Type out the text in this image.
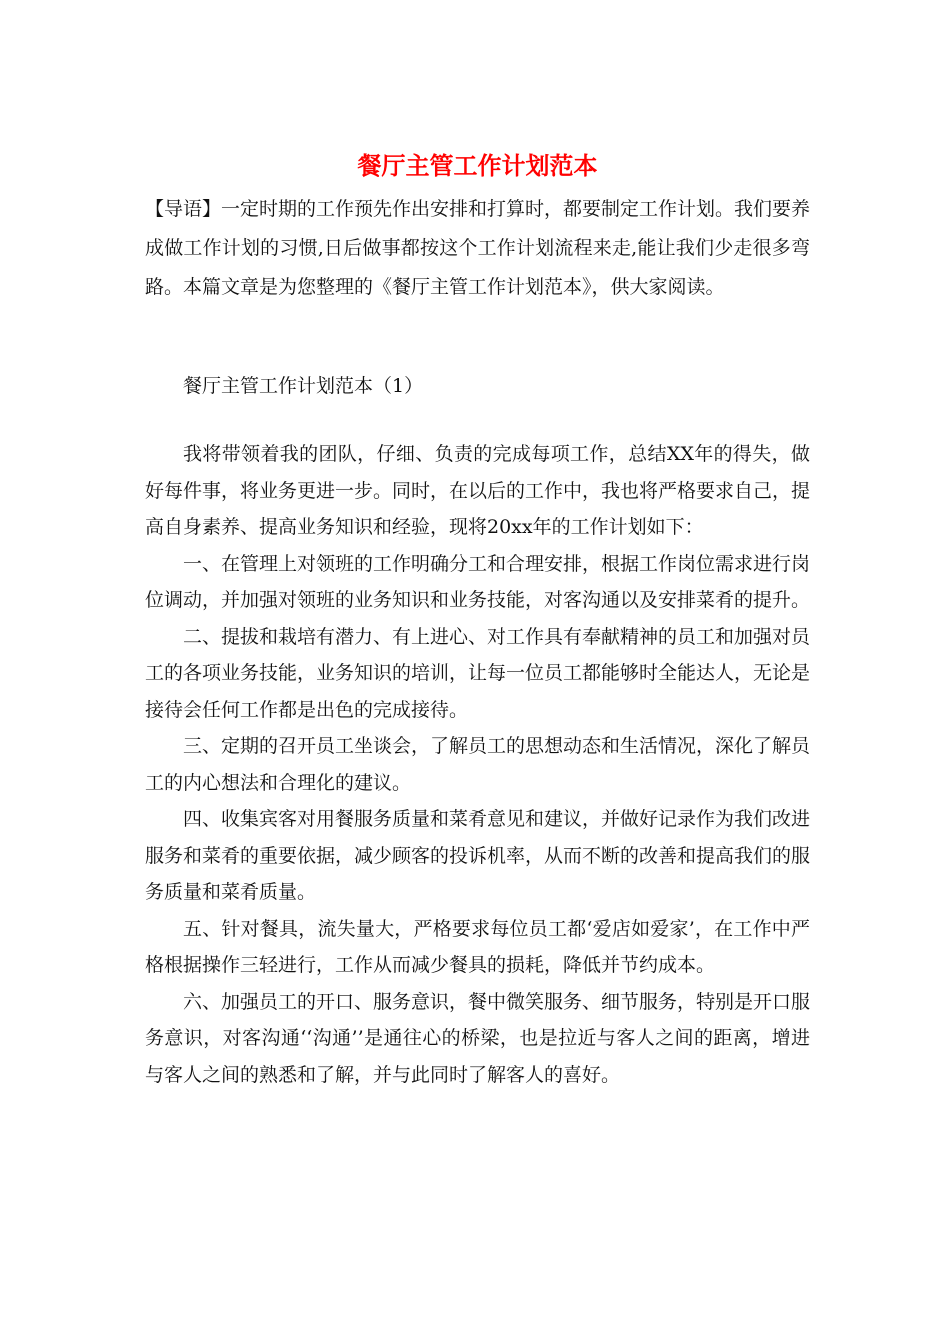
餐厅主管工作计划范本

【导语】一定时期的工作预先作出安排和打算时，都要制定工作计划。我们要养成做工作计划的习惯,日后做事都按这个工作计划流程来走,能让我们少走很多弯路。本篇文章是为您整理的《餐厅主管工作计划范本》，供大家阅读。

餐厅主管工作计划范本（1）

我将带领着我的团队，仔细、负责的完成每项工作，总结XX年的得失，做好每件事，将业务更进一步。同时，在以后的工作中，我也将严格要求自己，提高自身素养、提高业务知识和经验，现将20xx年的工作计划如下：

一、在管理上对领班的工作明确分工和合理安排，根据工作岗位需求进行岗位调动，并加强对领班的业务知识和业务技能，对客沟通以及安排菜肴的提升。

二、提拔和栽培有潜力、有上进心、对工作具有奉献精神的员工和加强对员工的各项业务技能，业务知识的培训，让每一位员工都能够时全能达人，无论是接待会任何工作都是出色的完成接待。

三、定期的召开员工坐谈会，了解员工的思想动态和生活情况，深化了解员工的内心想法和合理化的建议。

四、收集宾客对用餐服务质量和菜肴意见和建议，并做好记录作为我们改进服务和菜肴的重要依据，减少顾客的投诉机率，从而不断的改善和提高我们的服务质量和菜肴质量。

五、针对餐具，流失量大，严格要求每位员工都‘爱店如爱家’，在工作中严格根据操作三轻进行，工作从而减少餐具的损耗，降低并节约成本。

六、加强员工的开口、服务意识，餐中微笑服务、细节服务，特别是开口服务意识，对客沟通‘‘沟通’’是通往心的桥梁，也是拉近与客人之间的距离，增进与客人之间的熟悉和了解，并与此同时了解客人的喜好。
